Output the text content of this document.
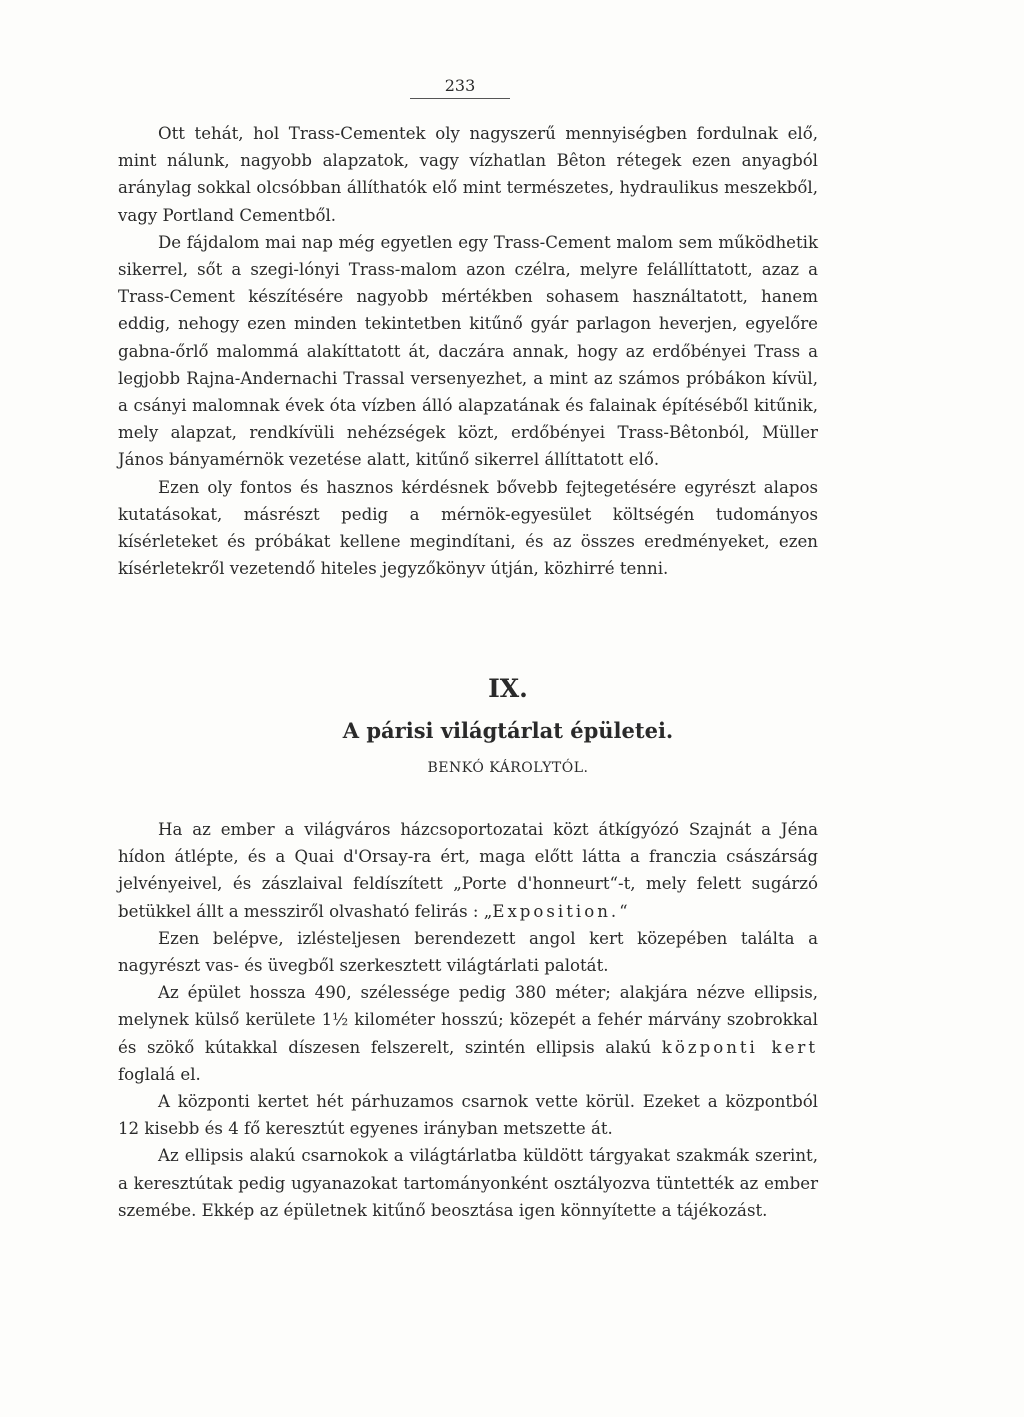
233

Ott tehát, hol Trass-Cementek oly nagyszerű mennyiségben fordulnak elő, mint nálunk, nagyobb alapzatok, vagy vízhatlan Bêton rétegek ezen anyagból aránylag sokkal olcsóbban állíthatók elő mint természetes, hydraulikus meszekből, vagy Portland Cementből.

De fájdalom mai nap még egyetlen egy Trass-Cement malom sem működhetik sikerrel, sőt a szegi-lónyi Trass-malom azon czélra, melyre felállíttatott, azaz a Trass-Cement készítésére nagyobb mértékben sohasem használtatott, hanem eddig, nehogy ezen minden tekintetben kitűnő gyár parlagon heverjen, egyelőre gabna-őrlő malommá alakíttatott át, daczára annak, hogy az erdőbényei Trass a legjobb Rajna-Andernachi Trassal versenyezhet, a mint az számos próbákon kívül, a csányi malomnak évek óta vízben álló alapzatának és falainak építéséből kitűnik, mely alapzat, rendkívüli nehézségek közt, erdőbényei Trass-Bêtonból, Müller János bányamérnök vezetése alatt, kitűnő sikerrel állíttatott elő.

Ezen oly fontos és hasznos kérdésnek bővebb fejtegetésére egyrészt alapos kutatásokat, másrészt pedig a mérnök-egyesület költségén tudományos kísérleteket és próbákat kellene megindítani, és az összes eredményeket, ezen kísérletekről vezetendő hiteles jegyzőkönyv útján, közhirré tenni.

IX.
A párisi világtárlat épületei.
BENKÓ KÁROLYTÓL.

Ha az ember a világváros házcsoportozatai közt átkígyózó Szajnát a Jéna hídon átlépte, és a Quai d'Orsay-ra ért, maga előtt látta a franczia császárság jelvényeivel, és zászlaival feldíszített „Porte d'honneurt“-t, mely felett sugárzó betükkel állt a messziről olvasható felirás : „Exposition.“

Ezen belépve, izlésteljesen berendezett angol kert közepében találta a nagyrészt vas- és üvegből szerkesztett világtárlati palotát.

Az épület hossza 490, szélessége pedig 380 méter; alakjára nézve ellipsis, melynek külső kerülete 1½ kilométer hosszú; közepét a fehér márvány szobrokkal és szökő kútakkal díszesen felszerelt, szintén ellipsis alakú központi kert foglalá el.

A központi kertet hét párhuzamos csarnok vette körül. Ezeket a központból 12 kisebb és 4 fő keresztút egyenes irányban metszette át.

Az ellipsis alakú csarnokok a világtárlatba küldött tárgyakat szakmák szerint, a keresztútak pedig ugyanazokat tartományonként osztályozva tüntették az ember szemébe. Ekkép az épületnek kitűnő beosztása igen könnyítette a tájékozást.
